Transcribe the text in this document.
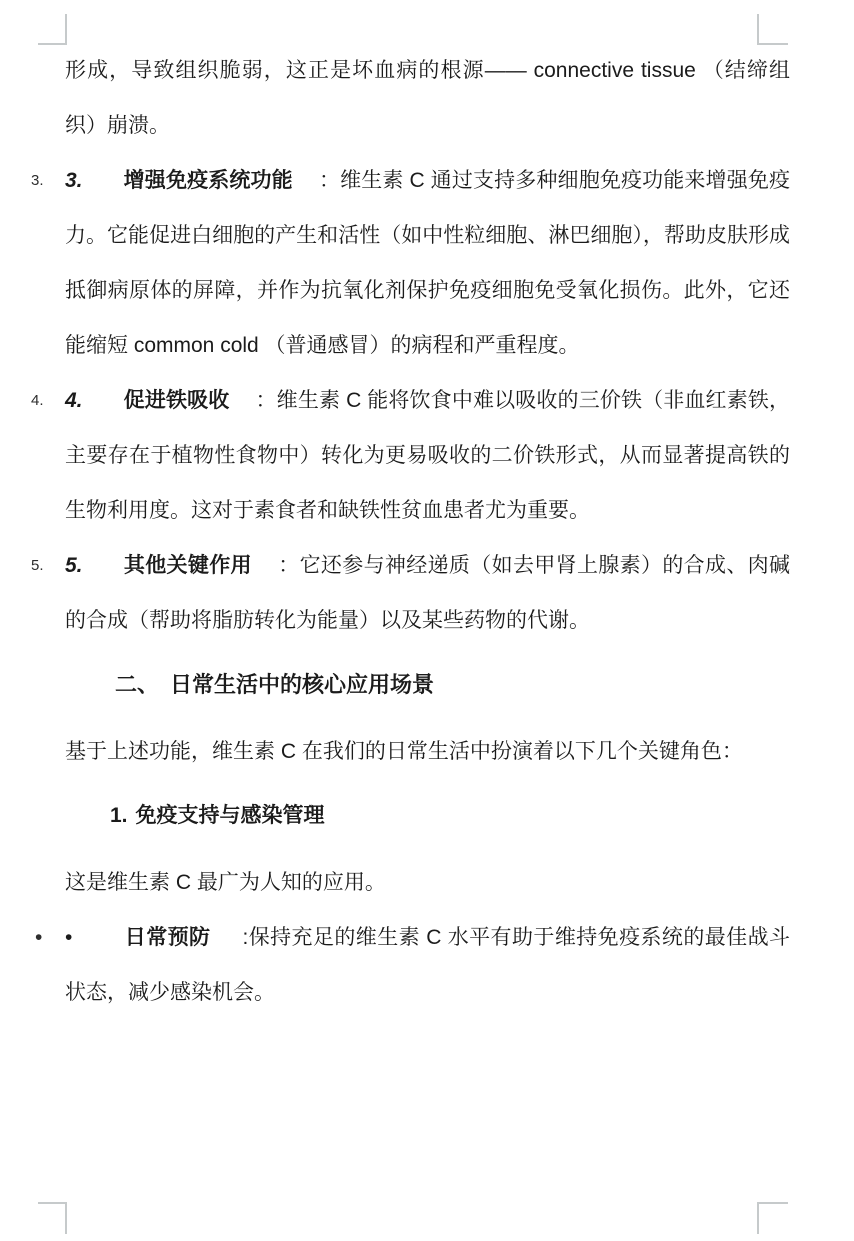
形成，导致组织脆弱，这正是坏血病的根源—— connective tissue （结缔组织）崩溃。

3.	3. 增强免疫系统功能 ：维生素 C 通过支持多种细胞免疫功能来增强免疫力。它能促进白细胞的产生和活性（如中性粒细胞、淋巴细胞），帮助皮肤形成抵御病原体的屏障，并作为抗氧化剂保护免疫细胞免受氧化损伤。此外，它还能缩短 common cold （普通感冒）的病程和严重程度。
4.	4. 促进铁吸收 ：维生素 C 能将饮食中难以吸收的三价铁（非血红素铁，主要存在于植物性食物中）转化为更易吸收的二价铁形式，从而显著提高铁的生物利用度。这对于素食者和缺铁性贫血患者尤为重要。
5.	5. 其他关键作用 ：它还参与神经递质（如去甲肾上腺素）的合成、肉碱的合成（帮助将脂肪转化为能量）以及某些药物的代谢。
二、 日常生活中的核心应用场景

基于上述功能，维生素 C 在我们的日常生活中扮演着以下几个关键角色：

1. 免疫支持与感染管理

这是维生素 C 最广为人知的应用。

•	• 日常预防 :保持充足的维生素 C 水平有助于维持免疫系统的最佳战斗状态，减少感染机会。
